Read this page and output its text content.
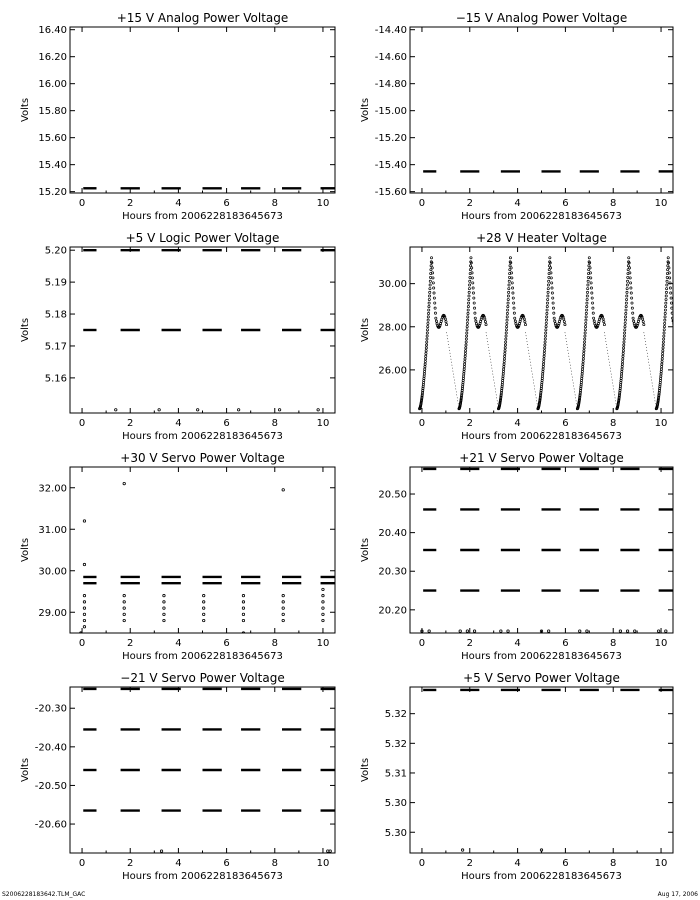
+15 V Analog Power Voltage
0	2	4	6	8	10
Hours from 2006228183645673
15.20
15.40
15.60
15.80
16.00
16.20
16.40
Volts
−15 V Analog Power Voltage
0	2	4	6	8	10
Hours from 2006228183645673
-15.60
-15.40
-15.20
-15.00
-14.80
-14.60
-14.40
Volts
+5 V Logic Power Voltage
0	2	4	6	8	10
Hours from 2006228183645673
5.16
5.17
5.18
5.19
5.20
Volts
+28 V Heater Voltage
0	2	4	6	8	10
Hours from 2006228183645673
26.00
28.00
30.00
Volts
+30 V Servo Power Voltage
0	2	4	6	8	10
Hours from 2006228183645673
29.00
30.00
31.00
32.00
Volts
+21 V Servo Power Voltage
0	2	4	6	8	10
Hours from 2006228183645673
20.20
20.30
20.40
20.50
Volts
−21 V Servo Power Voltage
0	2	4	6	8	10
Hours from 2006228183645673
-20.60
-20.50
-20.40
-20.30
Volts
+5 V Servo Power Voltage
0	2	4	6	8	10
Hours from 2006228183645673
5.30
5.30
5.31
5.32
5.32
Volts
S2006228183642.TLM_GAC	Aug 17, 2006
